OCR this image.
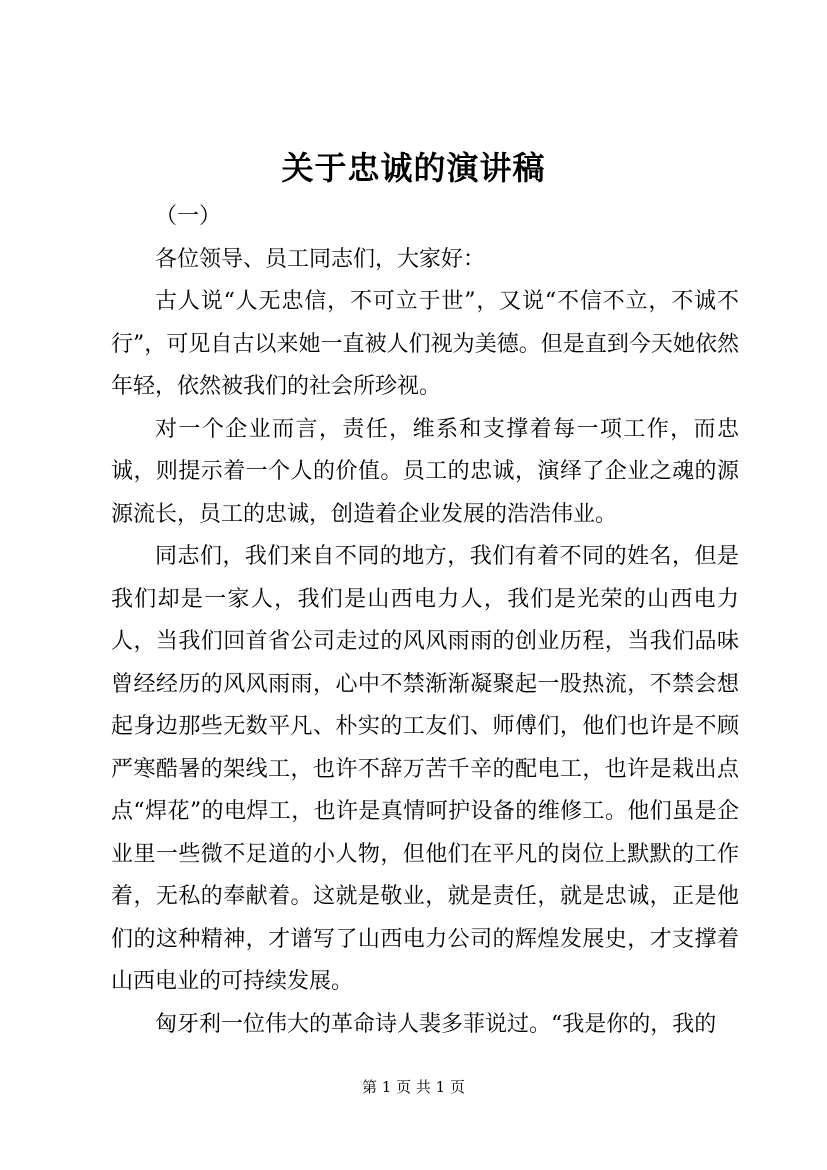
关于忠诚的演讲稿

（一）

各位领导、员工同志们，大家好：

古人说“人无忠信，不可立于世”，又说“不信不立，不诚不行”，可见自古以来她一直被人们视为美德。但是直到今天她依然年轻，依然被我们的社会所珍视。

对一个企业而言，责任，维系和支撑着每一项工作，而忠诚，则提示着一个人的价值。员工的忠诚，演绎了企业之魂的源源流长，员工的忠诚，创造着企业发展的浩浩伟业。

同志们，我们来自不同的地方，我们有着不同的姓名，但是我们却是一家人，我们是山西电力人，我们是光荣的山西电力人，当我们回首省公司走过的风风雨雨的创业历程，当我们品味曾经经历的风风雨雨，心中不禁渐渐凝聚起一股热流，不禁会想起身边那些无数平凡、朴实的工友们、师傅们，他们也许是不顾严寒酷暑的架线工，也许不辞万苦千辛的配电工，也许是栽出点点“焊花”的电焊工，也许是真情呵护设备的维修工。他们虽是企业里一些微不足道的小人物，但他们在平凡的岗位上默默的工作着，无私的奉献着。这就是敬业，就是责任，就是忠诚，正是他们的这种精神，才谱写了山西电力公司的辉煌发展史，才支撑着山西电业的可持续发展。

匈牙利一位伟大的革命诗人裴多菲说过。“我是你的，我的

第 1 页 共 1 页
